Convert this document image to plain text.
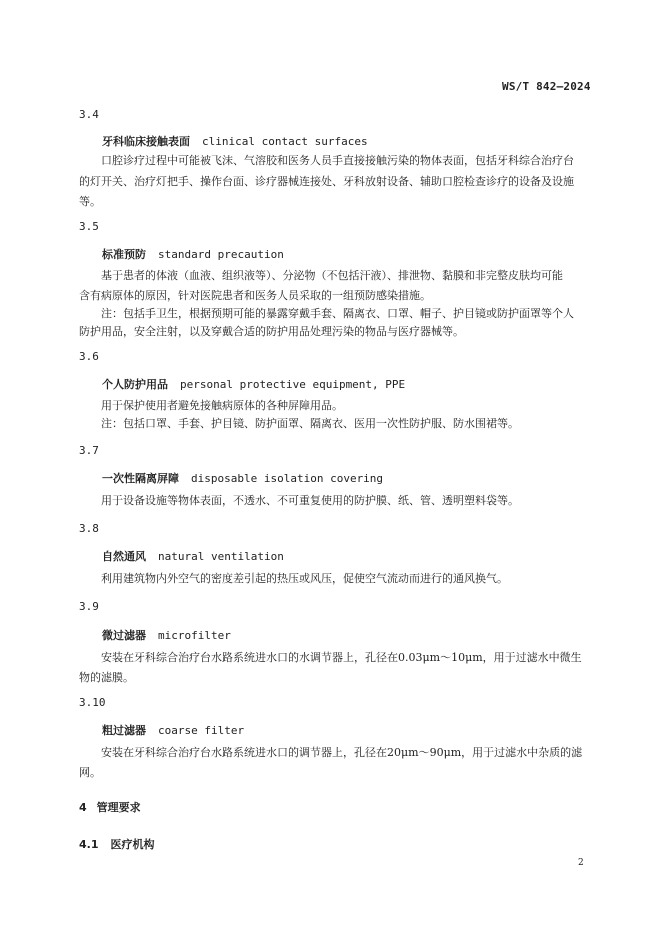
WS/T 842—2024
3.4
牙科临床接触表面 clinical contact surfaces
　　口腔诊疗过程中可能被飞沫、气溶胶和医务人员手直接接触污染的物体表面，包括牙科综合治疗台
的灯开关、治疗灯把手、操作台面、诊疗器械连接处、牙科放射设备、辅助口腔检查诊疗的设备及设施
等。
3.5
标准预防 standard precaution
　　基于患者的体液（血液、组织液等）、分泌物（不包括汗液）、排泄物、黏膜和非完整皮肤均可能
含有病原体的原因，针对医院患者和医务人员采取的一组预防感染措施。
　　注：包括手卫生，根据预期可能的暴露穿戴手套、隔离衣、口罩、帽子、护目镜或防护面罩等个人
防护用品，安全注射，以及穿戴合适的防护用品处理污染的物品与医疗器械等。
3.6
个人防护用品 personal protective equipment, PPE
　　用于保护使用者避免接触病原体的各种屏障用品。
　　注：包括口罩、手套、护目镜、防护面罩、隔离衣、医用一次性防护服、防水围裙等。
3.7
一次性隔离屏障 disposable isolation covering
　　用于设备设施等物体表面，不透水、不可重复使用的防护膜、纸、管、透明塑料袋等。
3.8
自然通风 natural ventilation
　　利用建筑物内外空气的密度差引起的热压或风压，促使空气流动而进行的通风换气。
3.9
微过滤器 microfilter
　　安装在牙科综合治疗台水路系统进水口的水调节器上，孔径在0.03μm～10μm，用于过滤水中微生
物的滤膜。
3.10
粗过滤器 coarse filter
　　安装在牙科综合治疗台水路系统进水口的调节器上，孔径在20μm～90μm，用于过滤水中杂质的滤
网。
4 管理要求
4.1 医疗机构
2
